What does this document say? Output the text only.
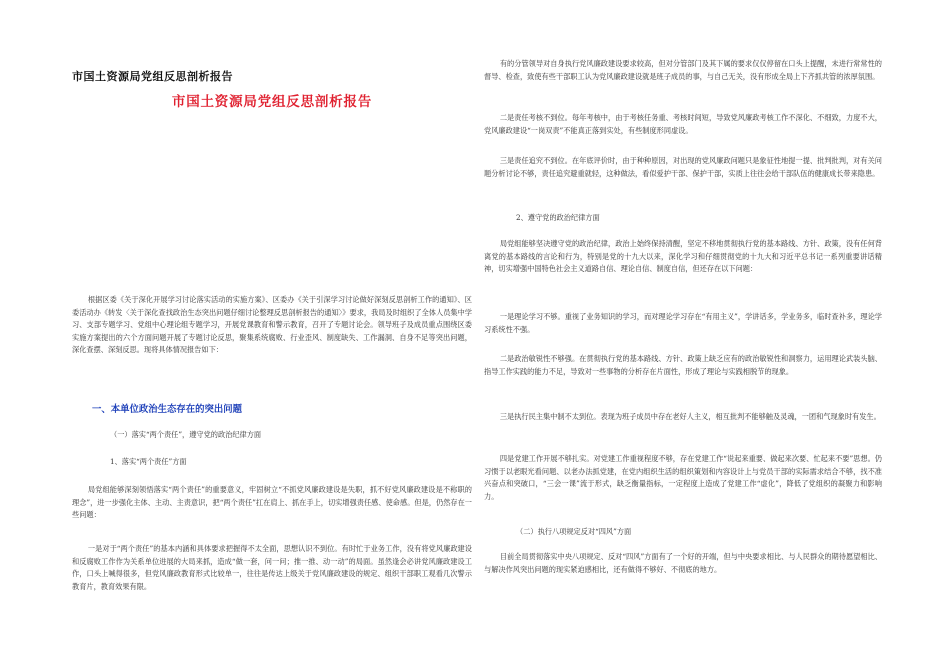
市国土资源局党组反思剖析报告
市国土资源局党组反思剖析报告

根据区委《关于深化开展学习讨论落实活动的实施方案》、区委办《关于引深学习讨论做好深刻反思剖析工作的通知》、区委活动办《转发〈关于深化查找政治生态突出问题仔细讨论整理反思剖析报告的通知〉》要求，我局及时组织了全体人员集中学习、支部专题学习、党组中心理论组专题学习，开展党课教育和警示教育，召开了专题讨论会。领导班子及成员重点围绕区委实施方案提出的六个方面问题开展了专题讨论反思，聚集系统腐败、行业歪风、制度缺失、工作漏洞、自身不足等突出问题，深化查摆、深刻反思。现将具体情况报告如下：

一、本单位政治生态存在的突出问题
（一）落实“两个责任”，遵守党的政治纪律方面
1、落实“两个责任”方面

局党组能够深刻领悟落实“两个责任”的重要意义，牢固树立“不抓党风廉政建设是失职，抓不好党风廉政建设是不称职的理念”，进一步强化主体、主动、主责意识，把“两个责任”扛在肩上、抓在手上，切实增强责任感、使命感。但是，仍然存在一些问题：

一是对于“两个责任”的基本内涵和具体要求把握得不太全面，思想认识不到位。有时忙于业务工作，没有将党风廉政建设和反腐败工作作为关系单位进展的大局来抓，造成“做一套，问一问；推一推、动一动”的局面。虽然逢会必讲党风廉政建设工作，口头上喊得很多，但党风廉政教育形式比较单一，往往是传达上级关于党风廉政建设的规定、组织干部职工观看几次警示教育片，教育效果有限。

有的分管领导对自身执行党风廉政建设要求较高，但对分管部门及其下属的要求仅仅停留在口头上提醒，未进行常常性的督导、检查，致使有些干部职工认为党风廉政建设就是班子成员的事，与自己无关，没有形成全局上下齐抓共管的浓厚氛围。

二是责任考核不到位。每年考核中，由于考核任务重、考核时间短，导致党风廉政考核工作不深化、不细致，力度不大，党风廉政建设“一岗双责”不能真正落到实处，有些制度形同虚设。

三是责任追究不到位。在年底评价时，由于种种原因，对出现的党风廉政问题只是象征性地提一提、批判批判，对有关问题分析讨论不够，责任追究避重就轻，这种做法，看似爱护干部、保护干部，实质上往往会给干部队伍的健康成长带来隐患。

2、遵守党的政治纪律方面

局党组能够坚决遵守党的政治纪律，政治上始终保持清醒，坚定不移地贯彻执行党的基本路线、方针、政策，没有任何背离党的基本路线的言论和行为，特别是党的十九大以来，深化学习和仔细贯彻党的十九大和习近平总书记一系列重要讲话精神，切实增强中国特色社会主义道路自信、理论自信、制度自信，但还存在以下问题：

一是理论学习不够。重视了业务知识的学习，而对理论学习存在“有用主义”，学讲话多，学业务多，临时查补多，理论学习系统性不强。

二是政治敏锐性不够强。在贯彻执行党的基本路线、方针、政策上缺乏应有的政治敏锐性和洞察力，运用理论武装头脑、指导工作实践的能力不足，导致对一些事物的分析存在片面性，形成了理论与实践相脱节的现象。

三是执行民主集中制不太到位。表现为班子成员中存在老好人主义，相互批判不能够触及灵魂，一团和气现象时有发生。

四是党建工作开展不够扎实。对党建工作重视程度不够，存在党建工作“说起来重要、做起来次要、忙起来不要”思想。仍习惯于以老眼光看问题、以老办法抓党建，在党内组织生活的组织策划和内容设计上与党员干部的实际需求结合不够，找不准兴奋点和突破口，“三会一课”流于形式，缺乏衡量指标，一定程度上造成了党建工作“虚化”，降低了党组织的凝聚力和影响力。

（二）执行八项规定反对“四风”方面

目前全局贯彻落实中央八项规定、反对“四风”方面有了一个好的开端，但与中央要求相比、与人民群众的期待愿望相比、与解决作风突出问题的现实紧迫感相比，还有做得不够好、不彻底的地方。
